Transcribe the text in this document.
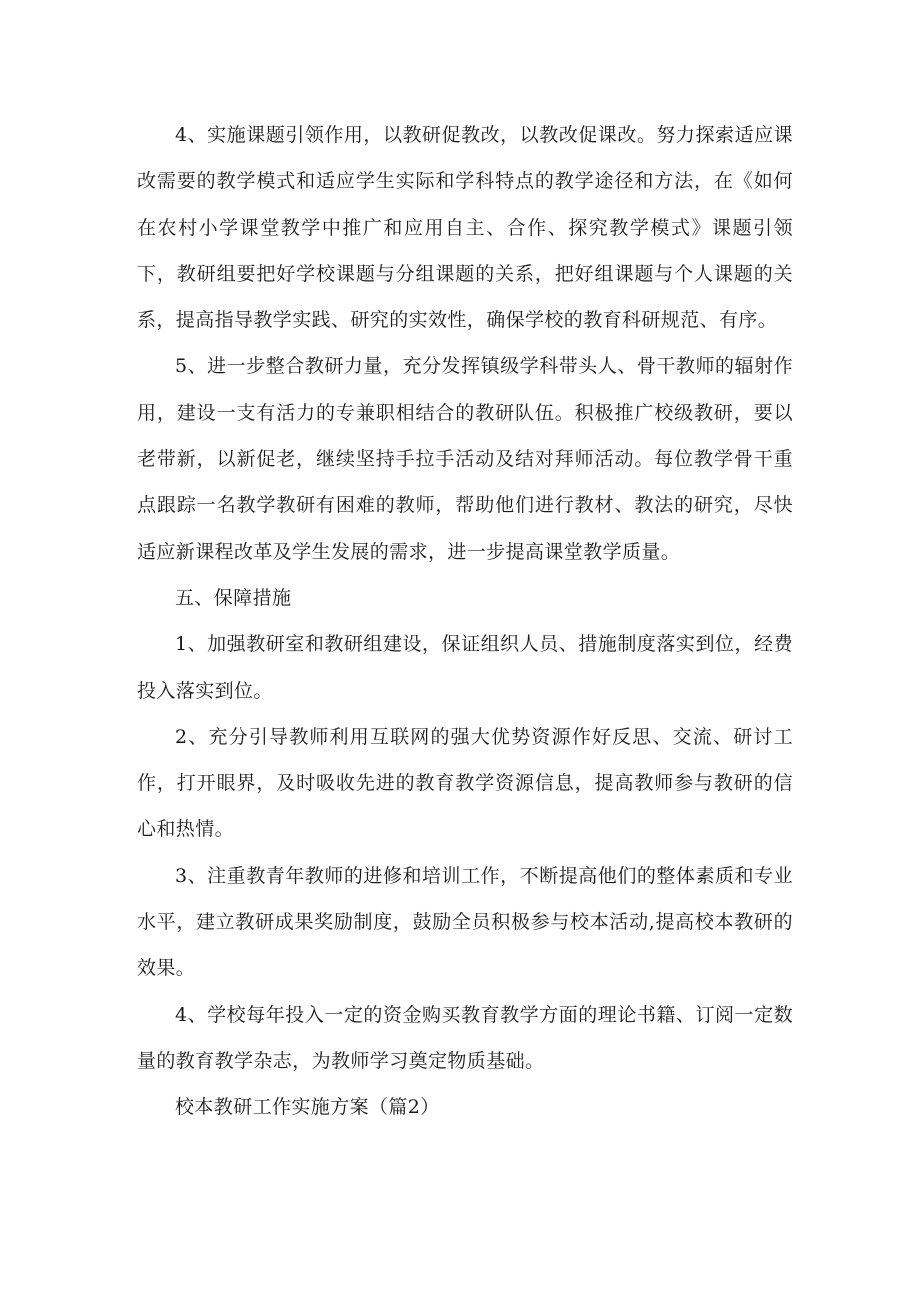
4、实施课题引领作用，以教研促教改，以教改促课改。努力探索适应课改需要的教学模式和适应学生实际和学科特点的教学途径和方法，在《如何在农村小学课堂教学中推广和应用自主、合作、探究教学模式》课题引领下，教研组要把好学校课题与分组课题的关系，把好组课题与个人课题的关系，提高指导教学实践、研究的实效性，确保学校的教育科研规范、有序。

5、进一步整合教研力量，充分发挥镇级学科带头人、骨干教师的辐射作用，建设一支有活力的专兼职相结合的教研队伍。积极推广校级教研，要以老带新，以新促老，继续坚持手拉手活动及结对拜师活动。每位教学骨干重点跟踪一名教学教研有困难的教师，帮助他们进行教材、教法的研究，尽快适应新课程改革及学生发展的需求，进一步提高课堂教学质量。

五、保障措施

1、加强教研室和教研组建设，保证组织人员、措施制度落实到位，经费投入落实到位。

2、充分引导教师利用互联网的强大优势资源作好反思、交流、研讨工作，打开眼界，及时吸收先进的教育教学资源信息，提高教师参与教研的信心和热情。

3、注重教青年教师的进修和培训工作，不断提高他们的整体素质和专业水平，建立教研成果奖励制度，鼓励全员积极参与校本活动,提高校本教研的效果。

4、学校每年投入一定的资金购买教育教学方面的理论书籍、订阅一定数量的教育教学杂志，为教师学习奠定物质基础。

校本教研工作实施方案（篇2）
